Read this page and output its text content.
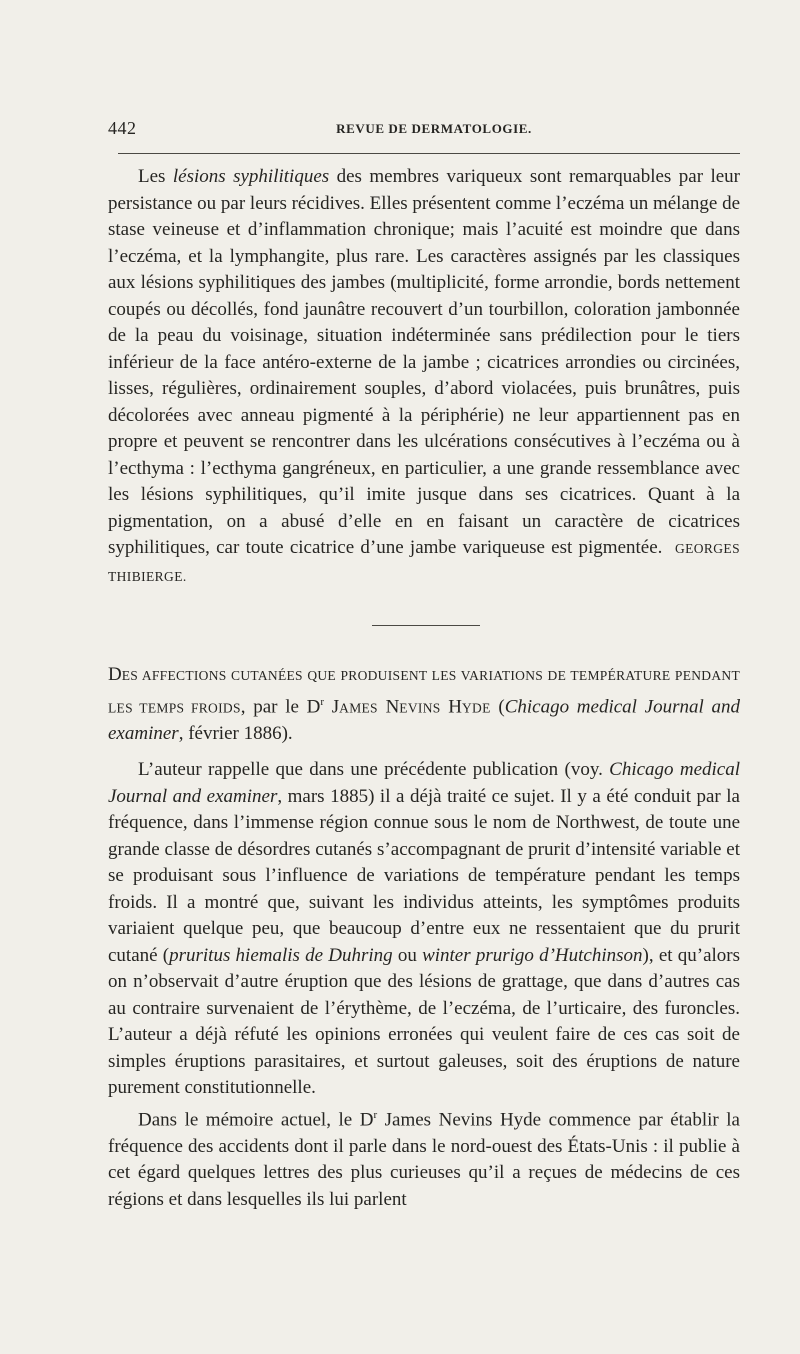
442	REVUE DE DERMATOLOGIE.

Les lésions syphilitiques des membres variqueux sont remarquables par leur persistance ou par leurs récidives. Elles présentent comme l’eczéma un mélange de stase veineuse et d’inflammation chronique; mais l’acuité est moindre que dans l’eczéma, et la lymphangite, plus rare. Les caractères assignés par les classiques aux lésions syphilitiques des jambes (multiplicité, forme arrondie, bords nettement coupés ou décollés, fond jaunâtre recouvert d’un tourbillon, coloration jambonnée de la peau du voisinage, situation indéterminée sans prédilection pour le tiers inférieur de la face antéro-externe de la jambe ; cicatrices arrondies ou circinées, lisses, régulières, ordinairement souples, d’abord violacées, puis brunâtres, puis décolorées avec anneau pigmenté à la périphérie) ne leur appartiennent pas en propre et peuvent se rencontrer dans les ulcérations consécutives à l’eczéma ou à l’ecthyma : l’ecthyma gangréneux, en particulier, a une grande ressemblance avec les lésions syphilitiques, qu’il imite jusque dans ses cicatrices. Quant à la pigmentation, on a abusé d’elle en en faisant un caractère de cicatrices syphilitiques, car toute cicatrice d’une jambe variqueuse est pigmentée. GEORGES THIBIERGE.

DES AFFECTIONS CUTANÉES QUE PRODUISENT LES VARIATIONS DE TEMPÉRATURE PENDANT LES TEMPS FROIDS, par le $D^r$ JAMES NEVINS HYDE (Chicago medical Journal and examiner, février 1886).

L’auteur rappelle que dans une précédente publication (voy. Chicago medical Journal and examiner, mars 1885) il a déjà traité ce sujet. Il y a été conduit par la fréquence, dans l’immense région connue sous le nom de Northwest, de toute une grande classe de désordres cutanés s’accompagnant de prurit d’intensité variable et se produisant sous l’influence de variations de température pendant les temps froids. Il a montré que, suivant les individus atteints, les symptômes produits variaient quelque peu, que beaucoup d’entre eux ne ressentaient que du prurit cutané (pruritus hiemalis de Duhring ou winter prurigo d’Hutchinson), et qu’alors on n’observait d’autre éruption que des lésions de grattage, que dans d’autres cas au contraire survenaient de l’érythème, de l’eczéma, de l’urticaire, des furoncles. L’auteur a déjà réfuté les opinions erronées qui veulent faire de ces cas soit de simples éruptions parasitaires, et surtout galeuses, soit des éruptions de nature purement constitutionnelle.

Dans le mémoire actuel, le $D^r$ James Nevins Hyde commence par établir la fréquence des accidents dont il parle dans le nord-ouest des États-Unis : il publie à cet égard quelques lettres des plus curieuses qu’il a reçues de médecins de ces régions et dans lesquelles ils lui parlent
